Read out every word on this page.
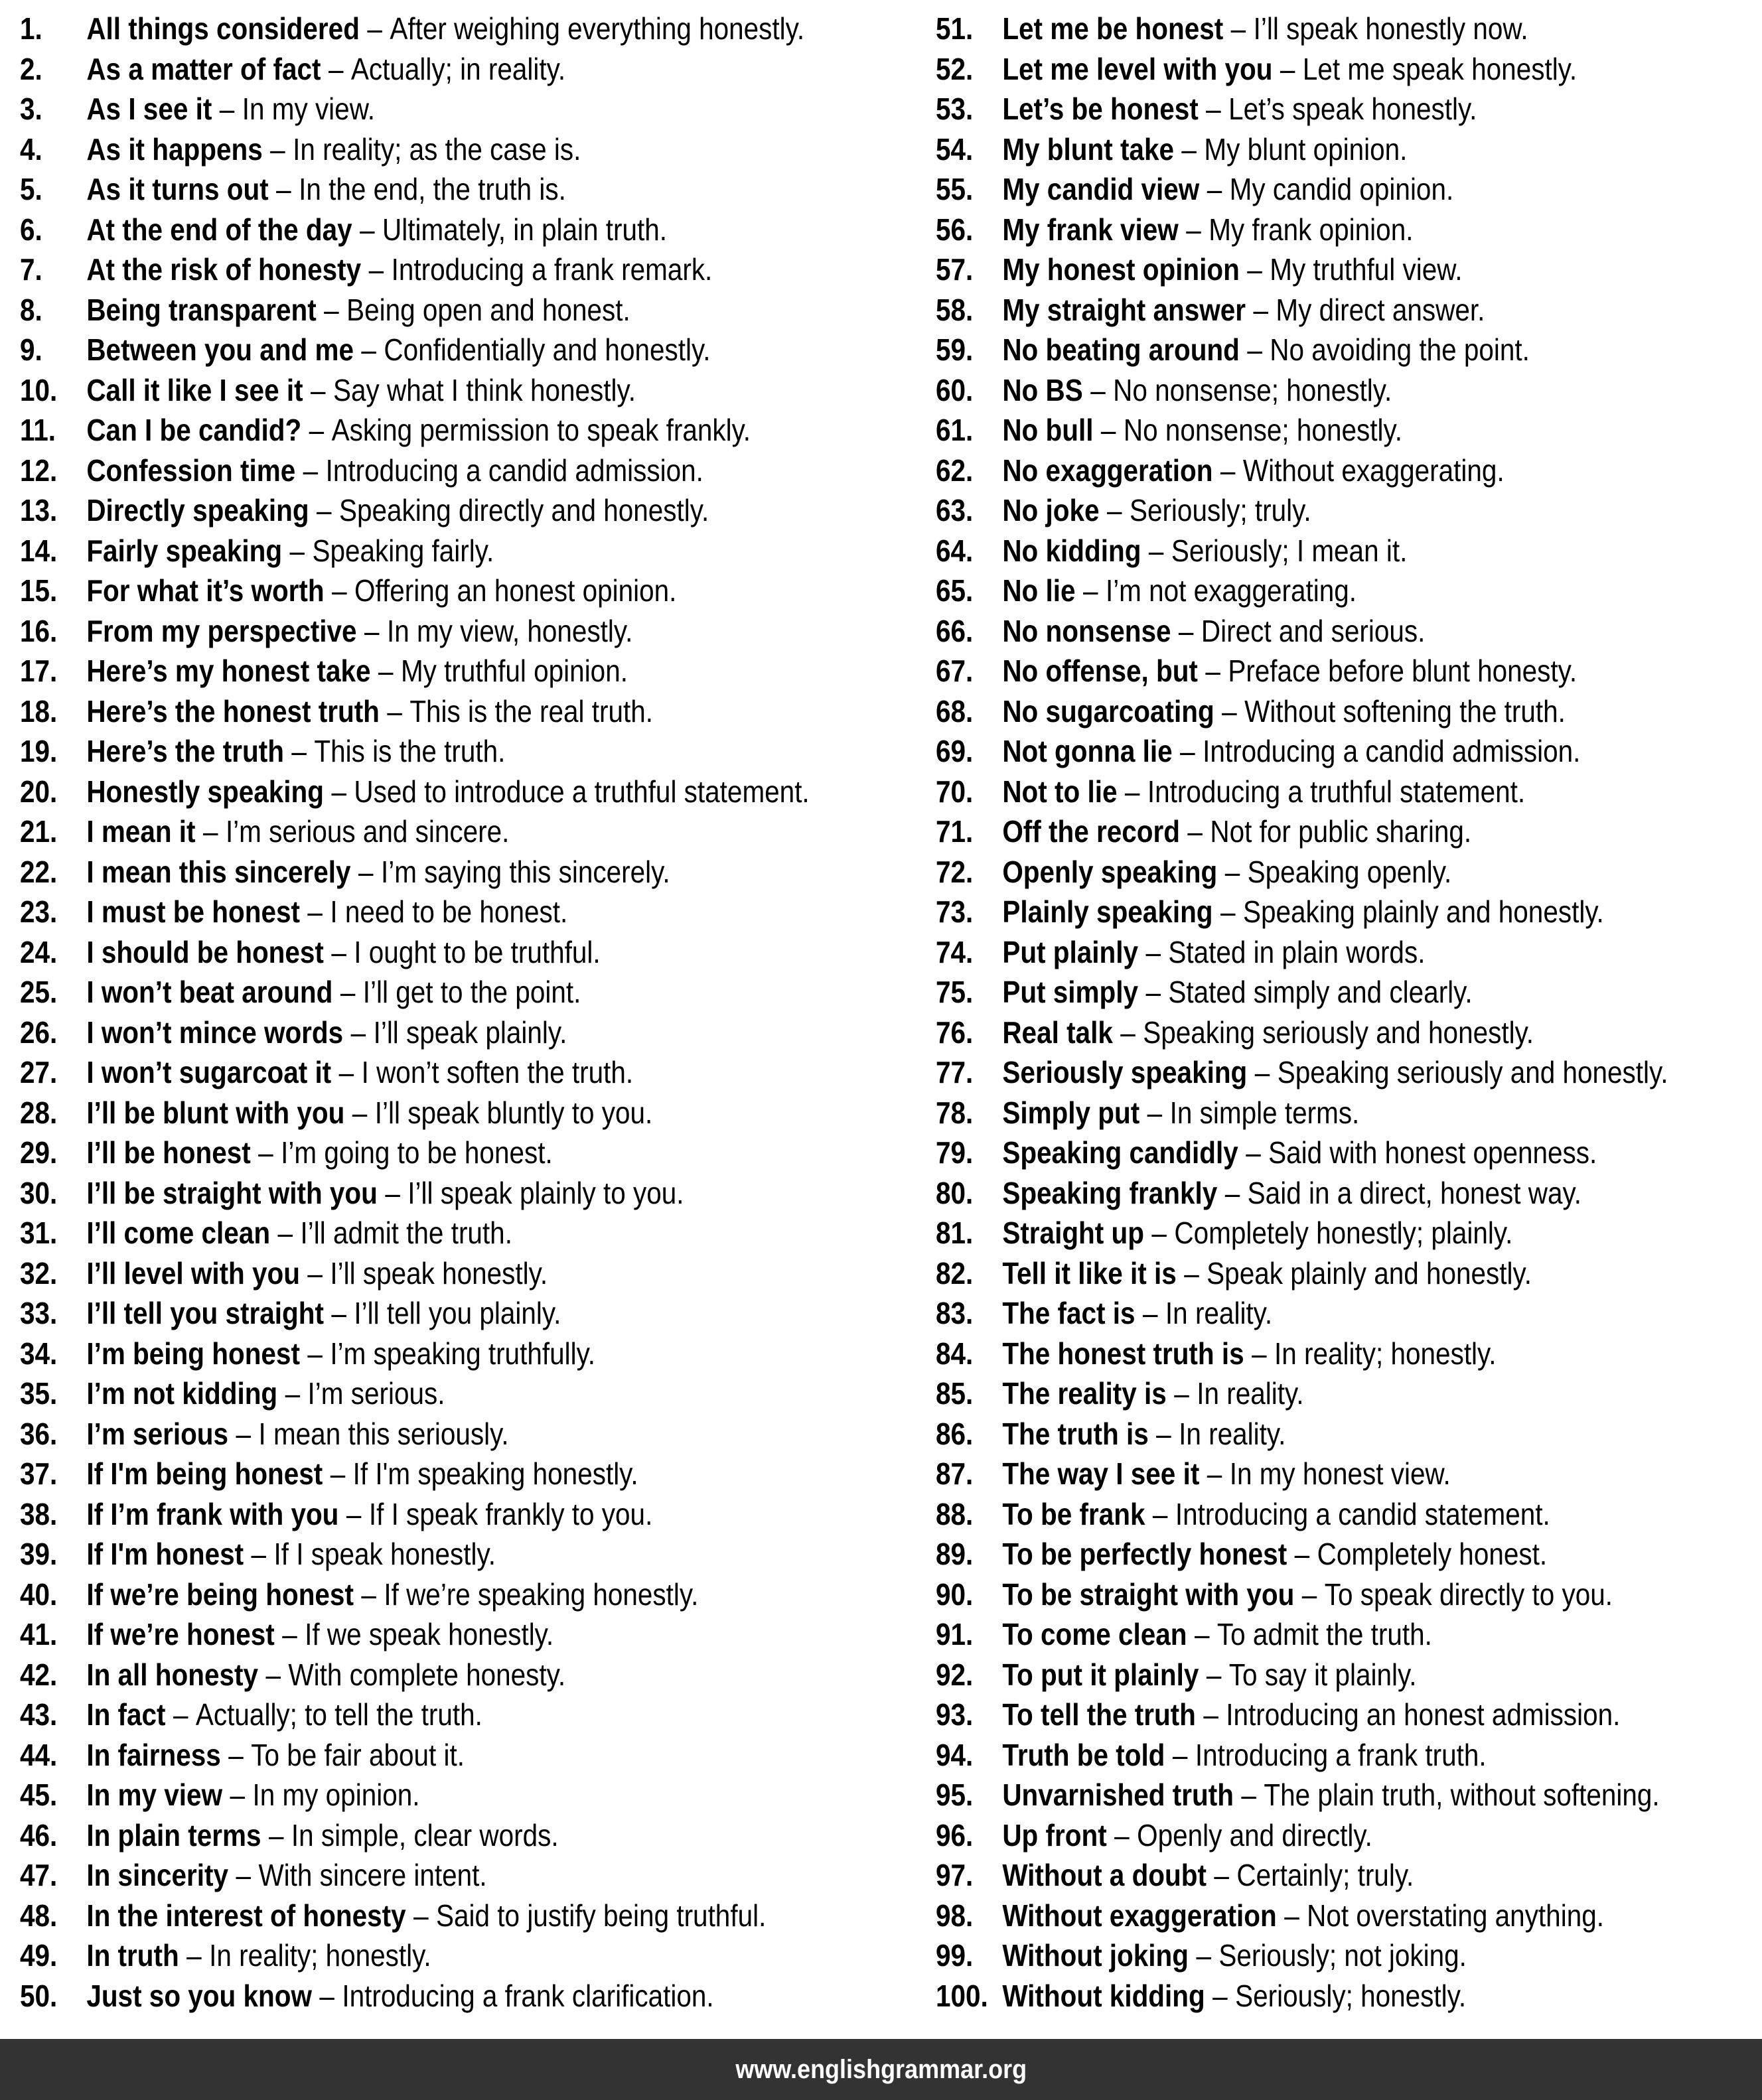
1.	All things considered – After weighing everything honestly.
2.	As a matter of fact – Actually; in reality.
3.	As I see it – In my view.
4.	As it happens – In reality; as the case is.
5.	As it turns out – In the end, the truth is.
6.	At the end of the day – Ultimately, in plain truth.
7.	At the risk of honesty – Introducing a frank remark.
8.	Being transparent – Being open and honest.
9.	Between you and me – Confidentially and honestly.
10. Call it like I see it – Say what I think honestly.
11.	Can I be candid? – Asking permission to speak frankly.
12. Confession time – Introducing a candid admission.
13. Directly speaking – Speaking directly and honestly.
14. Fairly speaking – Speaking fairly.
15. For what it’s worth – Offering an honest opinion.
16. From my perspective – In my view, honestly.
17. Here’s my honest take – My truthful opinion.
18. Here’s the honest truth – This is the real truth.
19. Here’s the truth – This is the truth.
20. Honestly speaking – Used to introduce a truthful statement.
21. I mean it – I’m serious and sincere.
22. I mean this sincerely – I’m saying this sincerely.
23. I must be honest – I need to be honest.
24. I should be honest – I ought to be truthful.
25. I won’t beat around – I’ll get to the point.
26. I won’t mince words – I’ll speak plainly.
27. I won’t sugarcoat it – I won’t soften the truth.
28. I’ll be blunt with you – I’ll speak bluntly to you.
29. I’ll be honest – I’m going to be honest.
30. I’ll be straight with you – I’ll speak plainly to you.
31. I’ll come clean – I’ll admit the truth.
32. I’ll level with you – I’ll speak honestly.
33. I’ll tell you straight – I’ll tell you plainly.
34. I’m being honest – I’m speaking truthfully.
35. I’m not kidding – I’m serious.
36. I’m serious – I mean this seriously.
37. If I'm being honest – If I'm speaking honestly.
38. If I’m frank with you – If I speak frankly to you.
39. If I'm honest – If I speak honestly.
40. If we’re being honest – If we’re speaking honestly.
41. If we’re honest – If we speak honestly.
42. In all honesty – With complete honesty.
43. In fact – Actually; to tell the truth.
44. In fairness – To be fair about it.
45. In my view – In my opinion.
46. In plain terms – In simple, clear words.
47. In sincerity – With sincere intent.
48. In the interest of honesty – Said to justify being truthful.
49. In truth – In reality; honestly.
50. Just so you know – Introducing a frank clarification.
51. Let me be honest – I’ll speak honestly now.
52. Let me level with you – Let me speak honestly.
53. Let’s be honest – Let’s speak honestly.
54. My blunt take – My blunt opinion.
55. My candid view – My candid opinion.
56. My frank view – My frank opinion.
57. My honest opinion – My truthful view.
58. My straight answer – My direct answer.
59. No beating around – No avoiding the point.
60. No BS – No nonsense; honestly.
61. No bull – No nonsense; honestly.
62. No exaggeration – Without exaggerating.
63. No joke – Seriously; truly.
64. No kidding – Seriously; I mean it.
65. No lie – I’m not exaggerating.
66. No nonsense – Direct and serious.
67. No offense, but – Preface before blunt honesty.
68. No sugarcoating – Without softening the truth.
69. Not gonna lie – Introducing a candid admission.
70. Not to lie – Introducing a truthful statement.
71. Off the record – Not for public sharing.
72. Openly speaking – Speaking openly.
73. Plainly speaking – Speaking plainly and honestly.
74. Put plainly – Stated in plain words.
75. Put simply – Stated simply and clearly.
76. Real talk – Speaking seriously and honestly.
77. Seriously speaking – Speaking seriously and honestly.
78. Simply put – In simple terms.
79. Speaking candidly – Said with honest openness.
80. Speaking frankly – Said in a direct, honest way.
81. Straight up – Completely honestly; plainly.
82. Tell it like it is – Speak plainly and honestly.
83. The fact is – In reality.
84. The honest truth is – In reality; honestly.
85. The reality is – In reality.
86. The truth is – In reality.
87. The way I see it – In my honest view.
88. To be frank – Introducing a candid statement.
89. To be perfectly honest – Completely honest.
90. To be straight with you – To speak directly to you.
91. To come clean – To admit the truth.
92. To put it plainly – To say it plainly.
93. To tell the truth – Introducing an honest admission.
94. Truth be told – Introducing a frank truth.
95. Unvarnished truth – The plain truth, without softening.
96. Up front – Openly and directly.
97. Without a doubt – Certainly; truly.
98. Without exaggeration – Not overstating anything.
99. Without joking – Seriously; not joking.
100. Without kidding – Seriously; honestly.
www.englishgrammar.org
